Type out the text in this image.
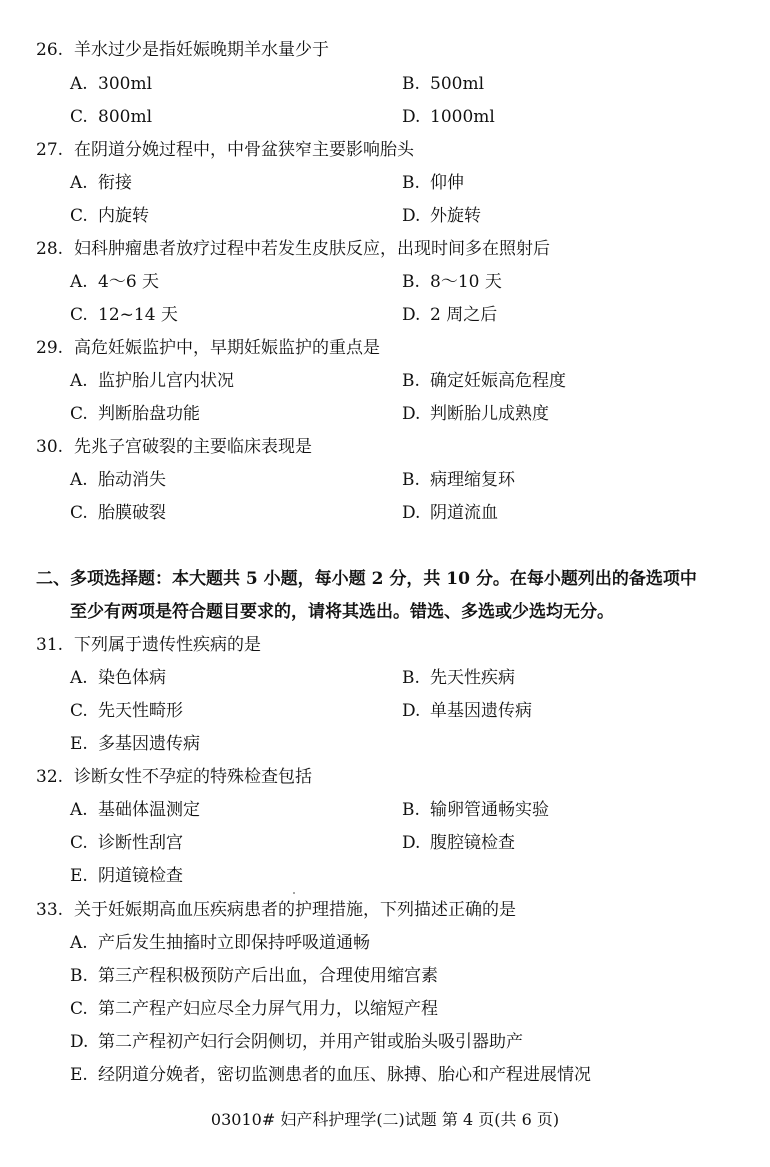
26. 羊水过少是指妊娠晚期羊水量少于
A. 300ml	B. 500ml
C. 800ml	D. 1000ml
27. 在阴道分娩过程中，中骨盆狭窄主要影响胎头
A. 衔接	B. 仰伸
C. 内旋转	D. 外旋转
28. 妇科肿瘤患者放疗过程中若发生皮肤反应，出现时间多在照射后
A. 4～6 天	B. 8～10 天
C. 12~14 天	D. 2 周之后
29. 高危妊娠监护中，早期妊娠监护的重点是
A. 监护胎儿宫内状况	B. 确定妊娠高危程度
C. 判断胎盘功能	D. 判断胎儿成熟度
30. 先兆子宫破裂的主要临床表现是
A. 胎动消失	B. 病理缩复环
C. 胎膜破裂	D. 阴道流血
二、多项选择题：本大题共 5 小题，每小题 2 分，共 10 分。在每小题列出的备选项中
至少有两项是符合题目要求的，请将其选出。错选、多选或少选均无分。
31. 下列属于遗传性疾病的是
A. 染色体病	B. 先天性疾病
C. 先天性畸形	D. 单基因遗传病
E. 多基因遗传病
32. 诊断女性不孕症的特殊检查包括
A. 基础体温测定	B. 输卵管通畅实验
C. 诊断性刮宫	D. 腹腔镜检查
E. 阴道镜检查
33. 关于妊娠期高血压疾病患者的护理措施，下列描述正确的是
A. 产后发生抽搐时立即保持呼吸道通畅
B. 第三产程积极预防产后出血，合理使用缩宫素
C. 第二产程产妇应尽全力屏气用力，以缩短产程
D. 第二产程初产妇行会阴侧切，并用产钳或胎头吸引器助产
E. 经阴道分娩者，密切监测患者的血压、脉搏、胎心和产程进展情况
03010# 妇产科护理学(二)试题 第 4 页(共 6 页)
